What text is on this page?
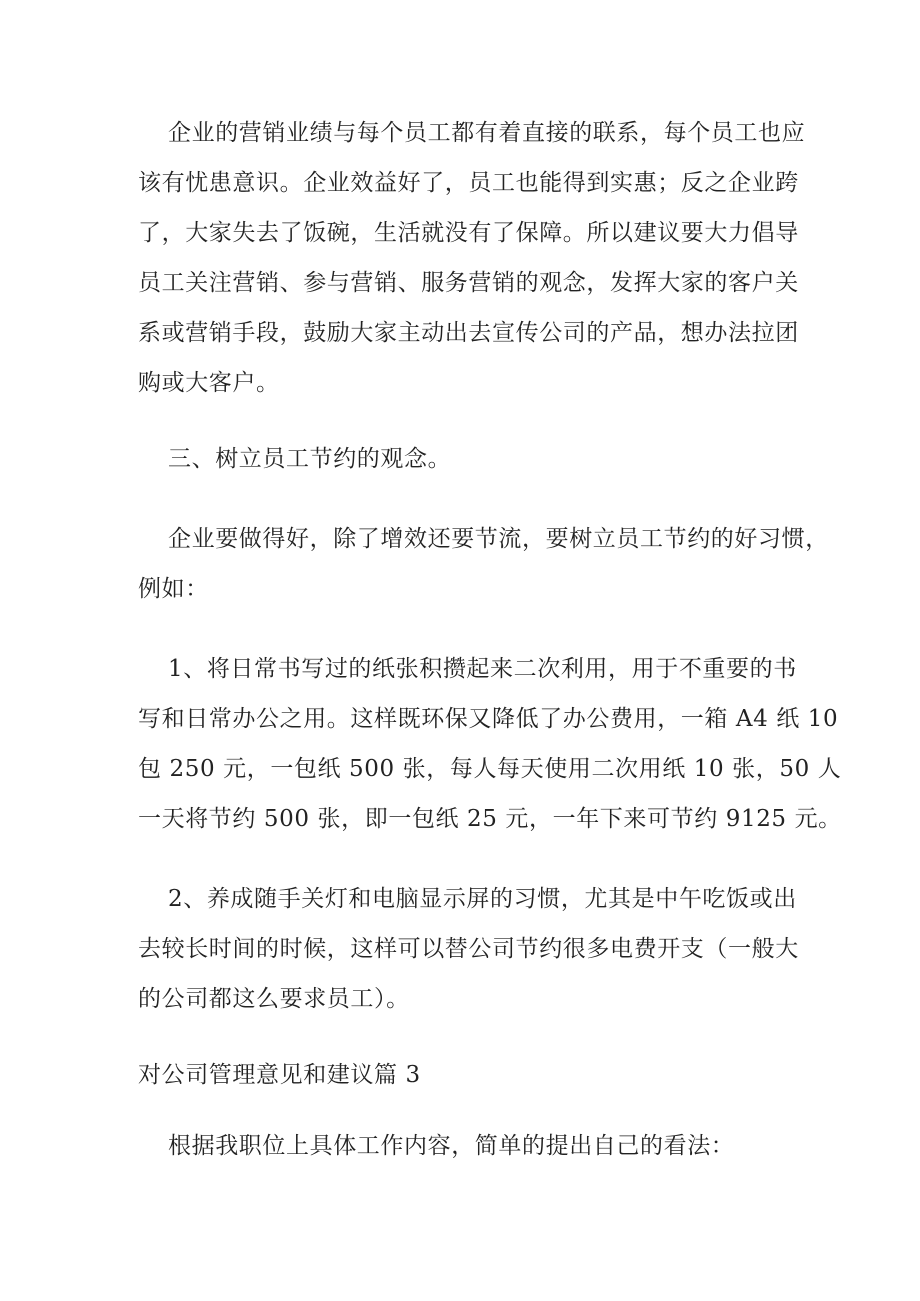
企业的营销业绩与每个员工都有着直接的联系，每个员工也应

该有忧患意识。企业效益好了，员工也能得到实惠；反之企业跨

了，大家失去了饭碗，生活就没有了保障。所以建议要大力倡导

员工关注营销、参与营销、服务营销的观念，发挥大家的客户关

系或营销手段，鼓励大家主动出去宣传公司的产品，想办法拉团

购或大客户。

三、树立员工节约的观念。

企业要做得好，除了增效还要节流，要树立员工节约的好习惯，

例如：

1、将日常书写过的纸张积攒起来二次利用，用于不重要的书

写和日常办公之用。这样既环保又降低了办公费用，一箱 A4 纸 10

包 250 元，一包纸 500 张，每人每天使用二次用纸 10 张，50 人

一天将节约 500 张，即一包纸 25 元，一年下来可节约 9125 元。

2、养成随手关灯和电脑显示屏的习惯，尤其是中午吃饭或出

去较长时间的时候，这样可以替公司节约很多电费开支（一般大

的公司都这么要求员工）。

对公司管理意见和建议篇 3

根据我职位上具体工作内容，简单的提出自己的看法：
